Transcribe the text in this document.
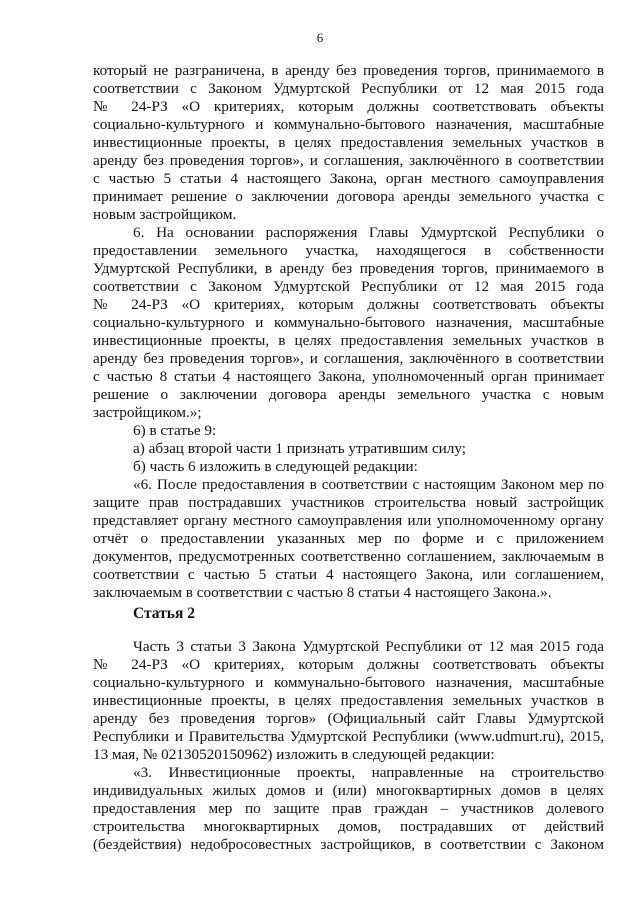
6
который не разграничена, в аренду без проведения торгов, принимаемого в
соответствии с Законом Удмуртской Республики от 12 мая 2015 года
№ 24-РЗ «О критериях, которым должны соответствовать объекты
социально-культурного и коммунально-бытового назначения, масштабные
инвестиционные проекты, в целях предоставления земельных участков в
аренду без проведения торгов», и соглашения, заключённого в соответствии
с частью 5 статьи 4 настоящего Закона, орган местного самоуправления
принимает решение о заключении договора аренды земельного участка с
новым застройщиком.
6. На основании распоряжения Главы Удмуртской Республики о
предоставлении земельного участка, находящегося в собственности
Удмуртской Республики, в аренду без проведения торгов, принимаемого в
соответствии с Законом Удмуртской Республики от 12 мая 2015 года
№ 24-РЗ «О критериях, которым должны соответствовать объекты
социально-культурного и коммунально-бытового назначения, масштабные
инвестиционные проекты, в целях предоставления земельных участков в
аренду без проведения торгов», и соглашения, заключённого в соответствии
с частью 8 статьи 4 настоящего Закона, уполномоченный орган принимает
решение о заключении договора аренды земельного участка с новым
застройщиком.»;
6) в статье 9:
а) абзац второй части 1 признать утратившим силу;
б) часть 6 изложить в следующей редакции:
«6. После предоставления в соответствии с настоящим Законом мер по
защите прав пострадавших участников строительства новый застройщик
представляет органу местного самоуправления или уполномоченному органу
отчёт о предоставлении указанных мер по форме и с приложением
документов, предусмотренных соответственно соглашением, заключаемым в
соответствии с частью 5 статьи 4 настоящего Закона, или соглашением,
заключаемым в соответствии с частью 8 статьи 4 настоящего Закона.».
Статья 2
Часть 3 статьи 3 Закона Удмуртской Республики от 12 мая 2015 года
№ 24-РЗ «О критериях, которым должны соответствовать объекты
социально-культурного и коммунально-бытового назначения, масштабные
инвестиционные проекты, в целях предоставления земельных участков в
аренду без проведения торгов» (Официальный сайт Главы Удмуртской
Республики и Правительства Удмуртской Республики (www.udmurt.ru), 2015,
13 мая, № 02130520150962) изложить в следующей редакции:
«3. Инвестиционные проекты, направленные на строительство
индивидуальных жилых домов и (или) многоквартирных домов в целях
предоставления мер по защите прав граждан – участников долевого
строительства многоквартирных домов, пострадавших от действий
(бездействия) недобросовестных застройщиков, в соответствии с Законом
